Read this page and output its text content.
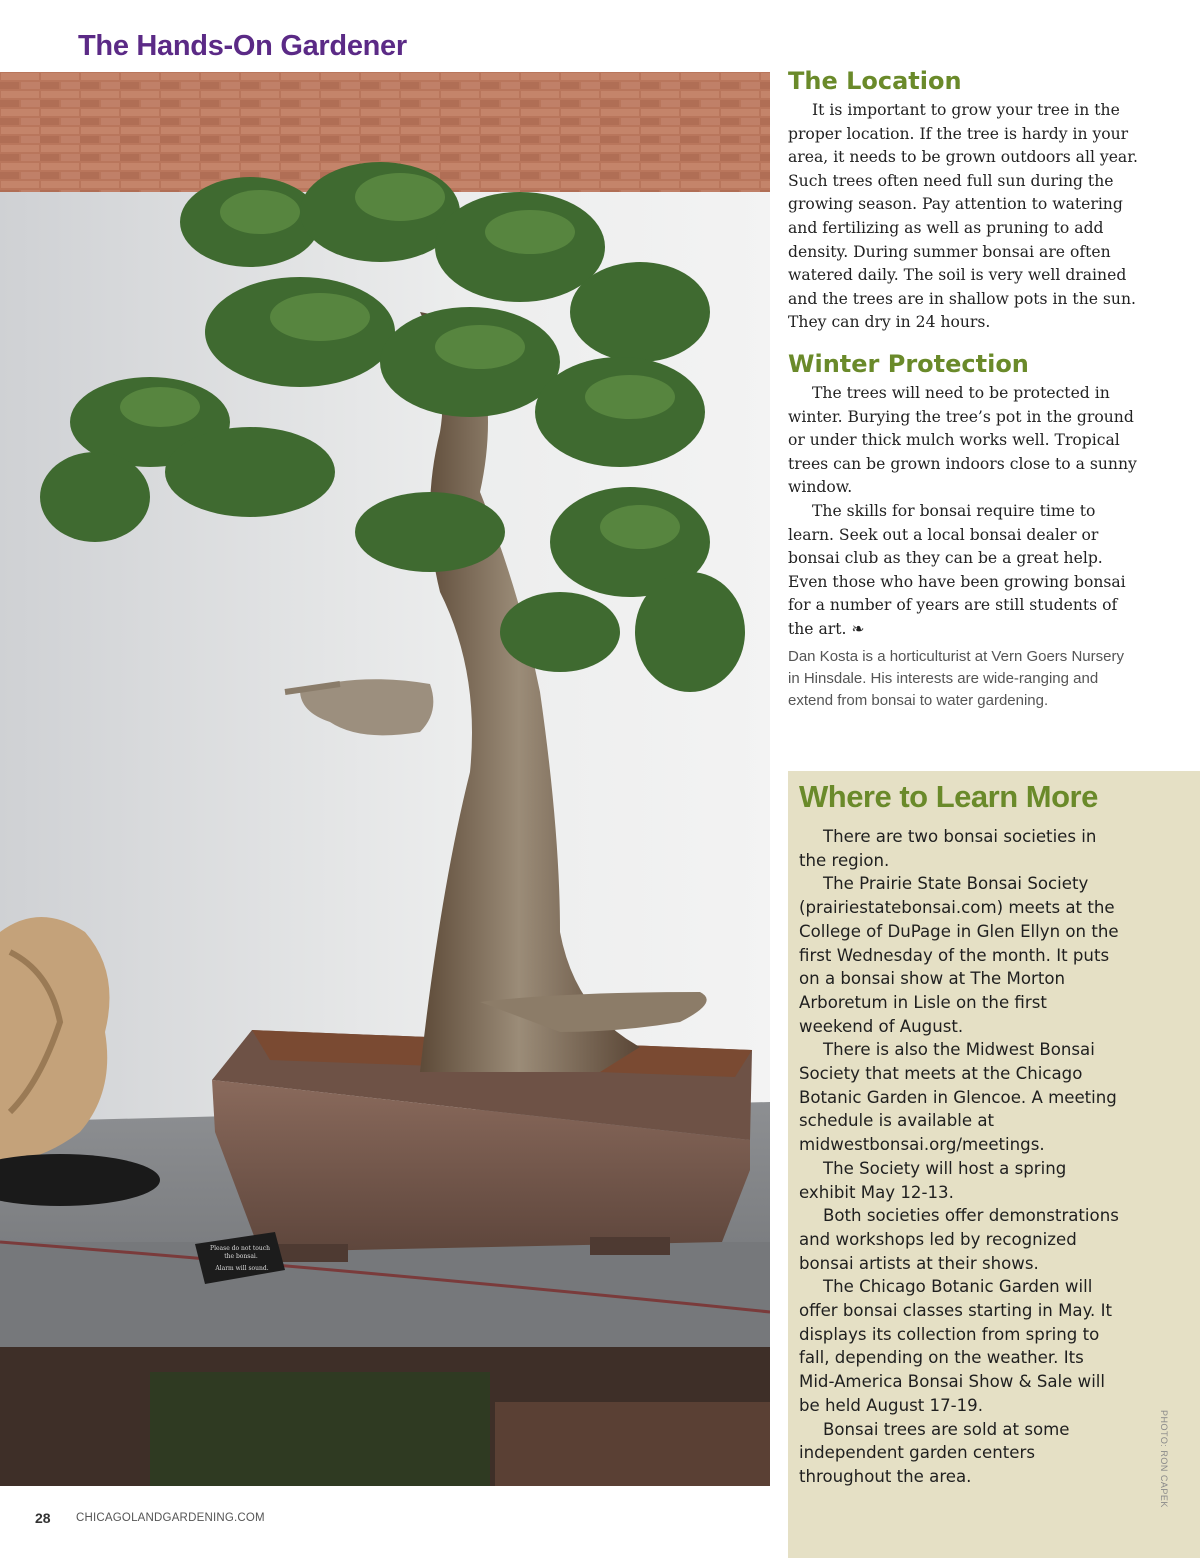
The Hands-On Gardener
Please do not touch
the bonsai.
Alarm will sound.
The Location

It is important to grow your tree in the proper location. If the tree is hardy in your area, it needs to be grown outdoors all year. Such trees often need full sun during the growing season. Pay attention to watering and fertilizing as well as pruning to add density. During summer bonsai are often watered daily. The soil is very well drained and the trees are in shallow pots in the sun. They can dry in 24 hours.

Winter Protection

The trees will need to be protected in winter. Burying the tree’s pot in the ground or under thick mulch works well. Tropical trees can be grown indoors close to a sunny window.

The skills for bonsai require time to learn. Seek out a local bonsai dealer or bonsai club as they can be a great help. Even those who have been growing bonsai for a number of years are still students of the art. ❧

Dan Kosta is a horticulturist at Vern Goers Nursery in Hinsdale. His interests are wide-ranging and extend from bonsai to water gardening.

Where to Learn More

There are two bonsai societies in the region.

The Prairie State Bonsai Society (prairiestatebonsai.com) meets at the College of DuPage in Glen Ellyn on the first Wednesday of the month. It puts on a bonsai show at The Morton Arboretum in Lisle on the first weekend of August.

There is also the Midwest Bonsai Society that meets at the Chicago Botanic Garden in Glencoe. A meeting schedule is available at midwestbonsai.org/meetings.

The Society will host a spring exhibit May 12-13.

Both societies offer demonstrations and workshops led by recognized bonsai artists at their shows.

The Chicago Botanic Garden will offer bonsai classes starting in May. It displays its collection from spring to fall, depending on the weather. Its Mid-America Bonsai Show & Sale will be held August 17-19.

Bonsai trees are sold at some independent garden centers throughout the area.	PHOTO: RON CAPEK
28 CHICAGOLANDGARDENING.COM
